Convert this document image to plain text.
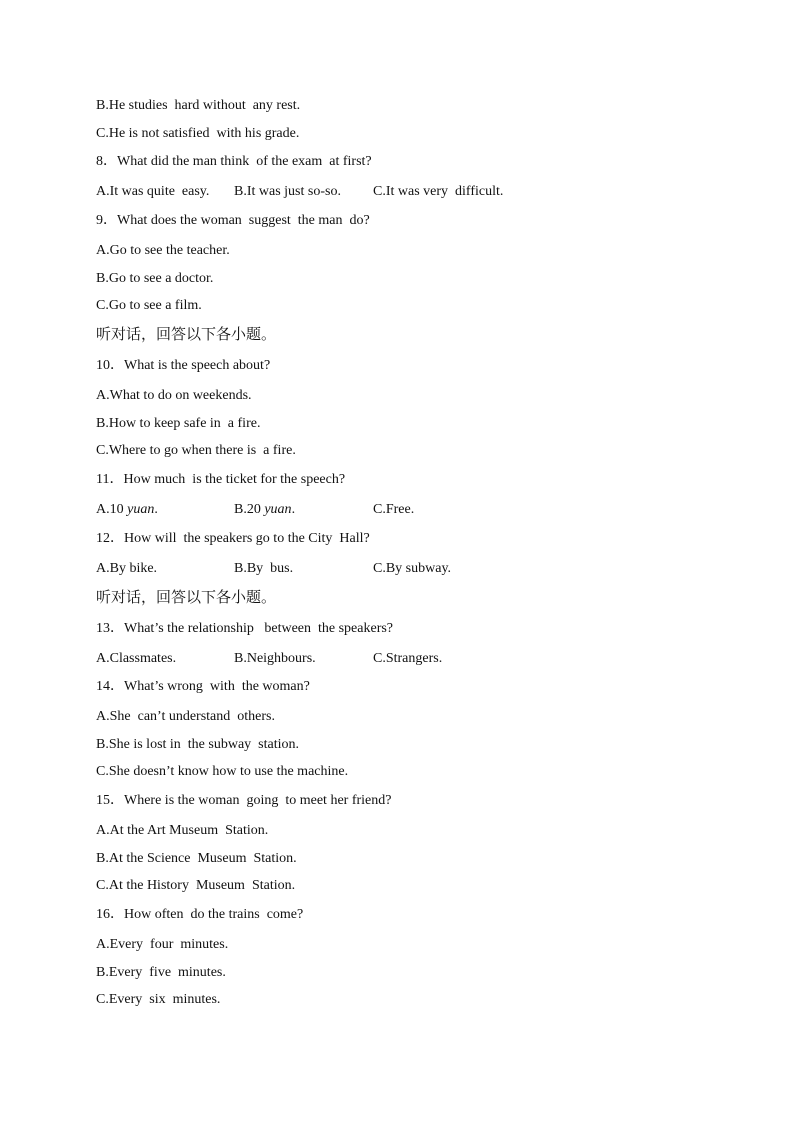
B.He studies  hard without  any rest.
C.He is not satisfied  with his grade.
8．What did the man think  of the exam  at first?

A.It was quite  easy.

B.It was just so-so.

C.It was very  difficult.

9．What does the woman  suggest  the man  do?
A.Go to see the teacher.
B.Go to see a doctor.
C.Go to see a film.
听对话，回答以下各小题。
10．What is the speech about?
A.What to do on weekends.
B.How to keep safe in  a fire.
C.Where to go when there is  a fire.
11．How much  is the ticket for the speech?

A.10 yuan.

	B.20 yuan.

	C.Free.

12．How will  the speakers go to the City  Hall?

A.By bike.

	B.By  bus.

	C.By subway.

听对话，回答以下各小题。
13．What’s the relationship   between  the speakers?

A.Classmates.

	B.Neighbours.

	C.Strangers.

14．What’s wrong  with  the woman?
A.She  can’t understand  others.
B.She is lost in  the subway  station.
C.She doesn’t know how to use the machine.
15．Where is the woman  going  to meet her friend?
A.At the Art Museum  Station.
B.At the Science  Museum  Station.
C.At the History  Museum  Station.
16．How often  do the trains  come?
A.Every  four  minutes.
B.Every  five  minutes.
C.Every  six  minutes.
